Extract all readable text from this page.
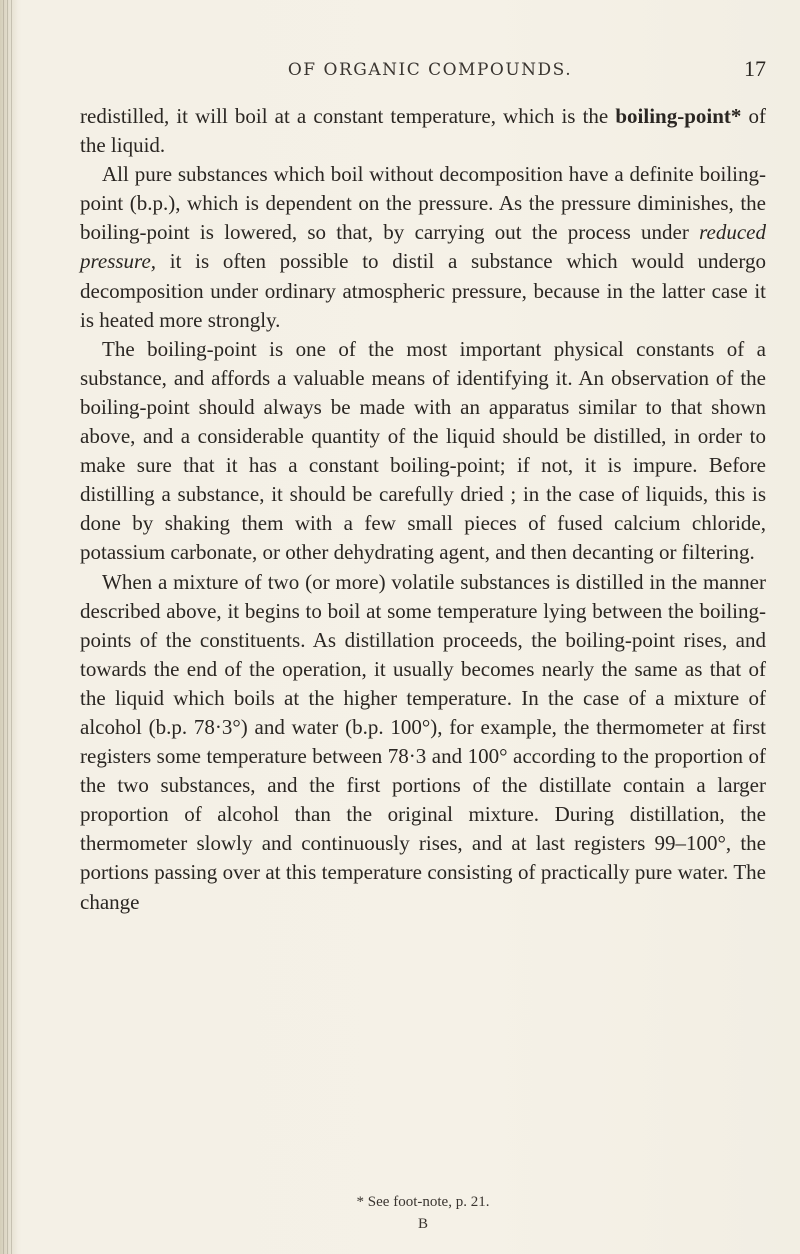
OF ORGANIC COMPOUNDS.	17

redistilled, it will boil at a constant temperature, which is the boiling-point* of the liquid.

All pure substances which boil without decomposition have a definite boiling-point (b.p.), which is dependent on the pressure. As the pressure diminishes, the boiling-point is lowered, so that, by carrying out the process under reduced pressure, it is often possible to distil a substance which would undergo decomposition under ordinary atmospheric pressure, because in the latter case it is heated more strongly.

The boiling-point is one of the most important physical constants of a substance, and affords a valuable means of identifying it. An observation of the boiling-point should always be made with an apparatus similar to that shown above, and a considerable quantity of the liquid should be distilled, in order to make sure that it has a constant boiling-point; if not, it is impure. Before distilling a substance, it should be carefully dried ; in the case of liquids, this is done by shaking them with a few small pieces of fused calcium chloride, potassium carbonate, or other dehydrating agent, and then decanting or filtering.

When a mixture of two (or more) volatile substances is distilled in the manner described above, it begins to boil at some temperature lying between the boiling-points of the constituents. As distillation proceeds, the boiling-point rises, and towards the end of the operation, it usually becomes nearly the same as that of the liquid which boils at the higher temperature. In the case of a mixture of alcohol (b.p. 78·3°) and water (b.p. 100°), for example, the thermometer at first registers some temperature between 78·3 and 100° according to the proportion of the two substances, and the first portions of the distillate contain a larger proportion of alcohol than the original mixture. During distillation, the thermometer slowly and continuously rises, and at last registers 99–100°, the portions passing over at this temperature consisting of practically pure water. The change

* See foot-note, p. 21.
B
